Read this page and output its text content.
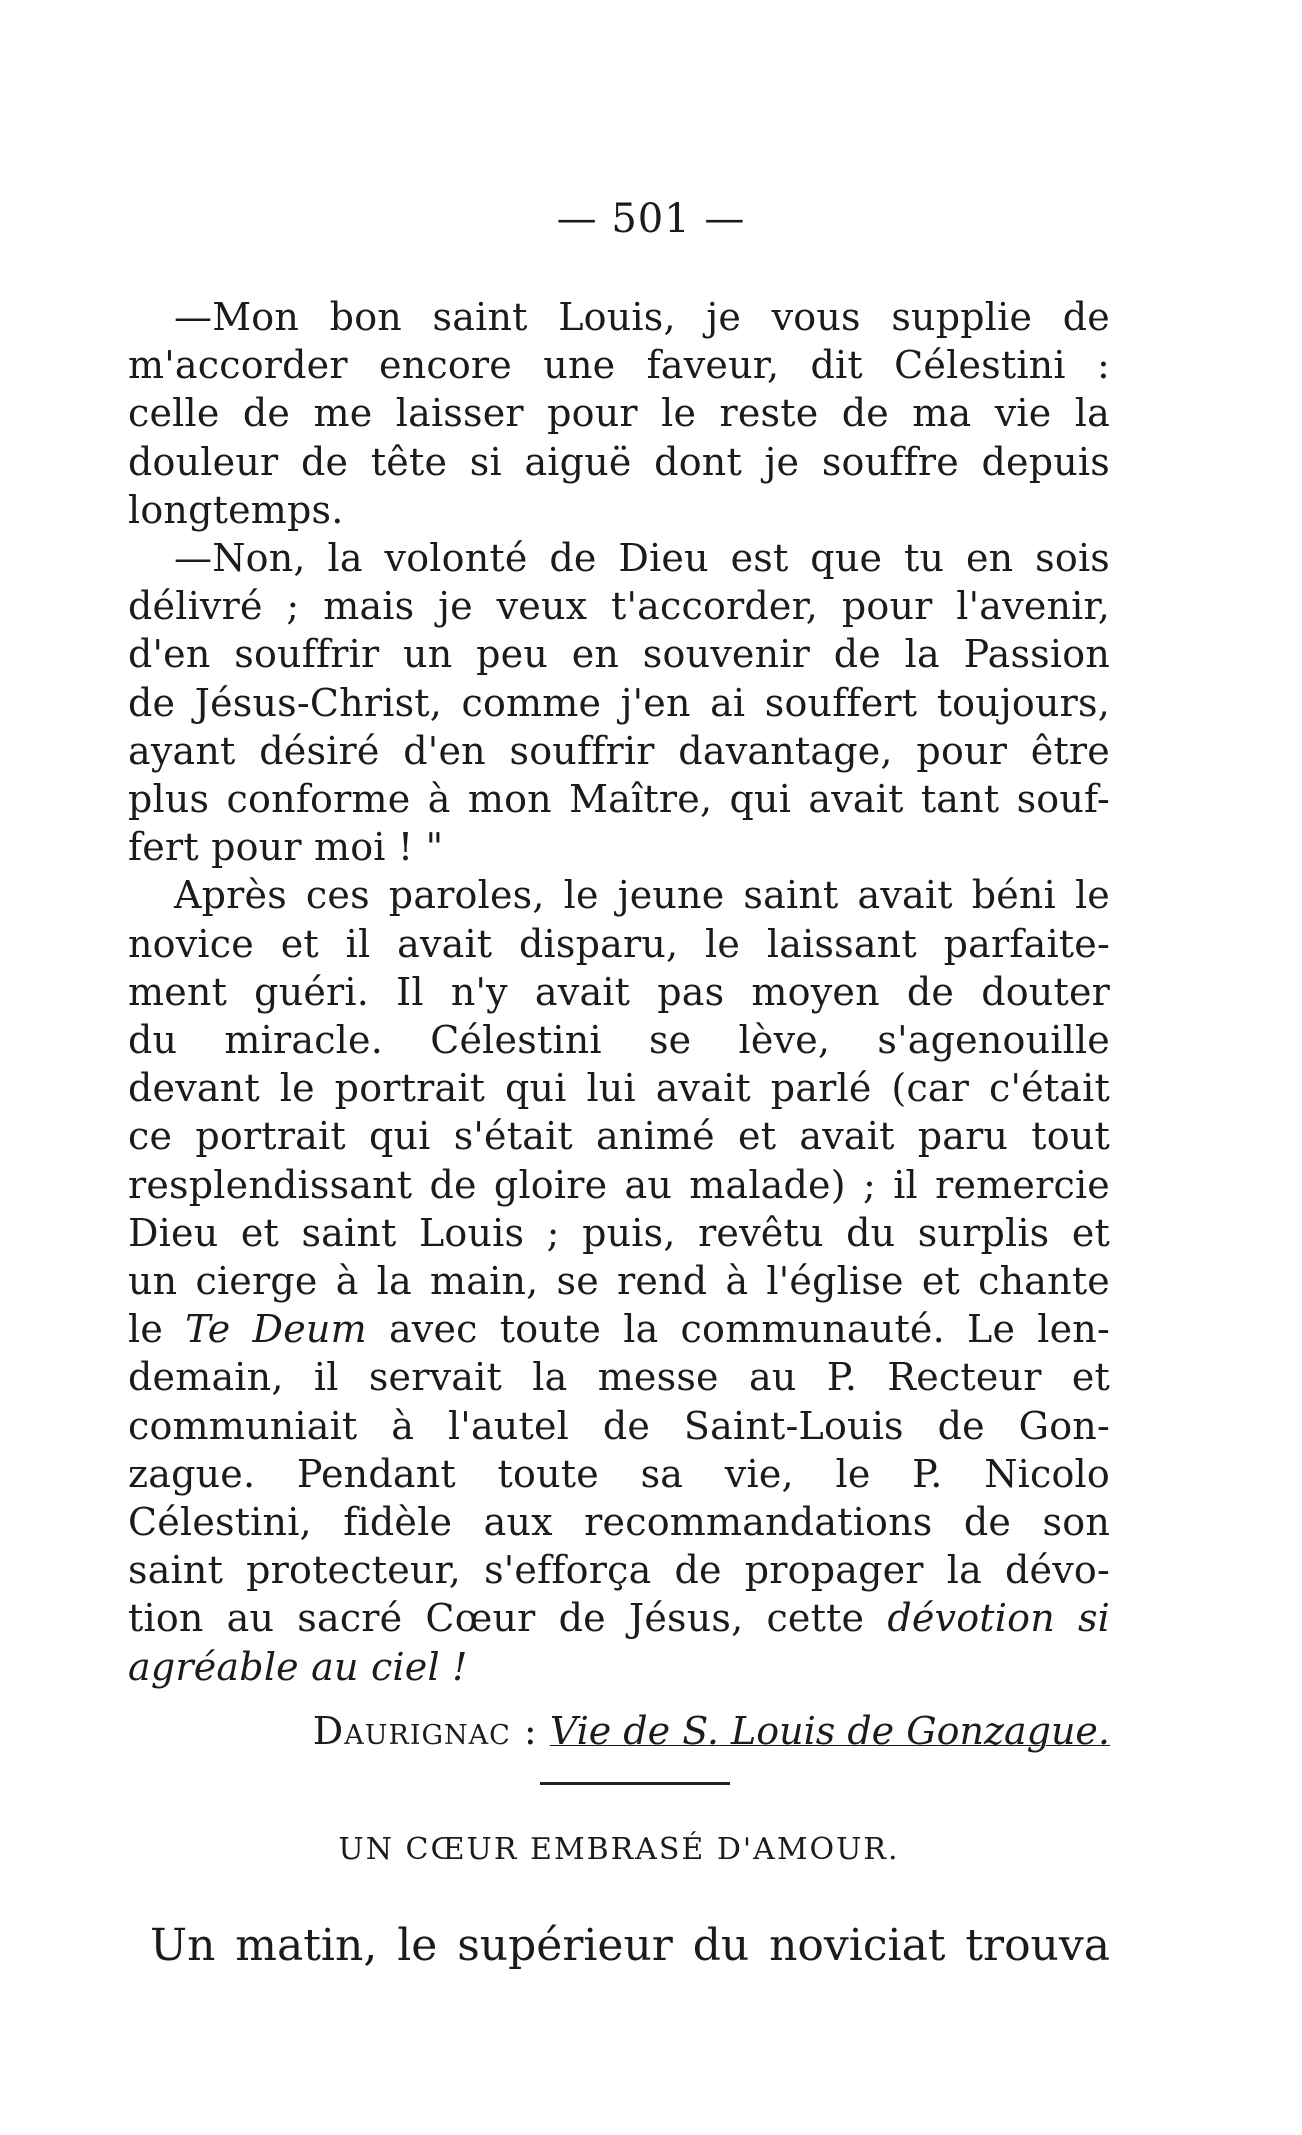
— 501 —
—Mon bon saint Louis, je vous supplie de
m'accorder encore une faveur, dit Célestini :
celle de me laisser pour le reste de ma vie la
douleur de tête si aiguë dont je souffre depuis
longtemps.
—Non, la volonté de Dieu est que tu en sois
délivré ; mais je veux t'accorder, pour l'avenir,
d'en souffrir un peu en souvenir de la Passion
de Jésus-Christ, comme j'en ai souffert toujours,
ayant désiré d'en souffrir davantage, pour être
plus conforme à mon Maître, qui avait tant souf-
fert pour moi ! "
Après ces paroles, le jeune saint avait béni le
novice et il avait disparu, le laissant parfaite-
ment guéri. Il n'y avait pas moyen de douter
du miracle. Célestini se lève, s'agenouille
devant le portrait qui lui avait parlé (car c'était
ce portrait qui s'était animé et avait paru tout
resplendissant de gloire au malade) ; il remercie
Dieu et saint Louis ; puis, revêtu du surplis et
un cierge à la main, se rend à l'église et chante
le Te Deum avec toute la communauté. Le len-
demain, il servait la messe au P. Recteur et
communiait à l'autel de Saint-Louis de Gon-
zague. Pendant toute sa vie, le P. Nicolo
Célestini, fidèle aux recommandations de son
saint protecteur, s'efforça de propager la dévo-
tion au sacré Cœur de Jésus, cette dévotion si
agréable au ciel !
Daurignac : Vie de S. Louis de Gonzague.
UN CŒUR EMBRASÉ D'AMOUR.
Un matin, le supérieur du noviciat trouva
